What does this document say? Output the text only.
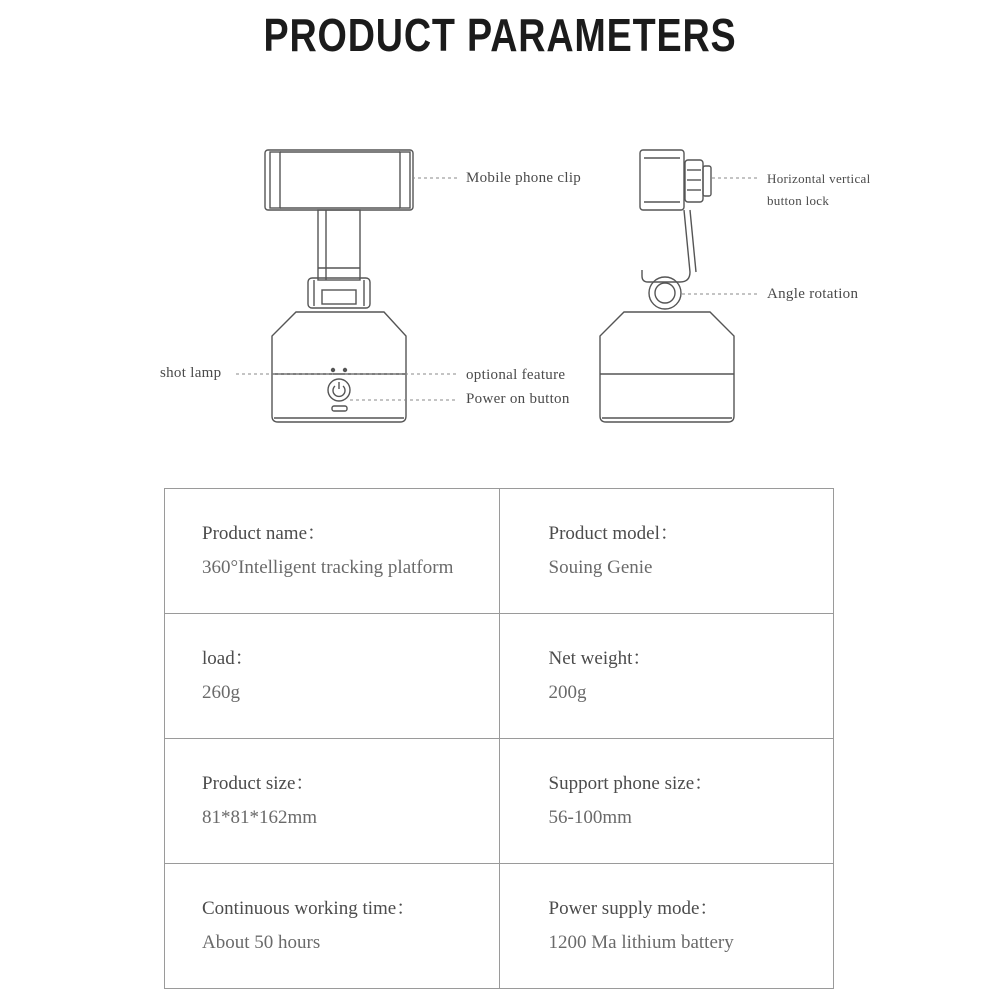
PRODUCT PARAMETERS
Mobile phone clip	Horizontal vertical
button lock
Angle rotation
shot lamp	optional feature
Power on button
Product name：
360°Intelligent tracking platform	Product model：
Souing Genie

load：
260g	Net weight：
200g

Product size：
81*81*162mm	Support phone size：
56-100mm

Continuous working time：
About 50 hours	Power supply mode：
1200 Ma lithium battery
